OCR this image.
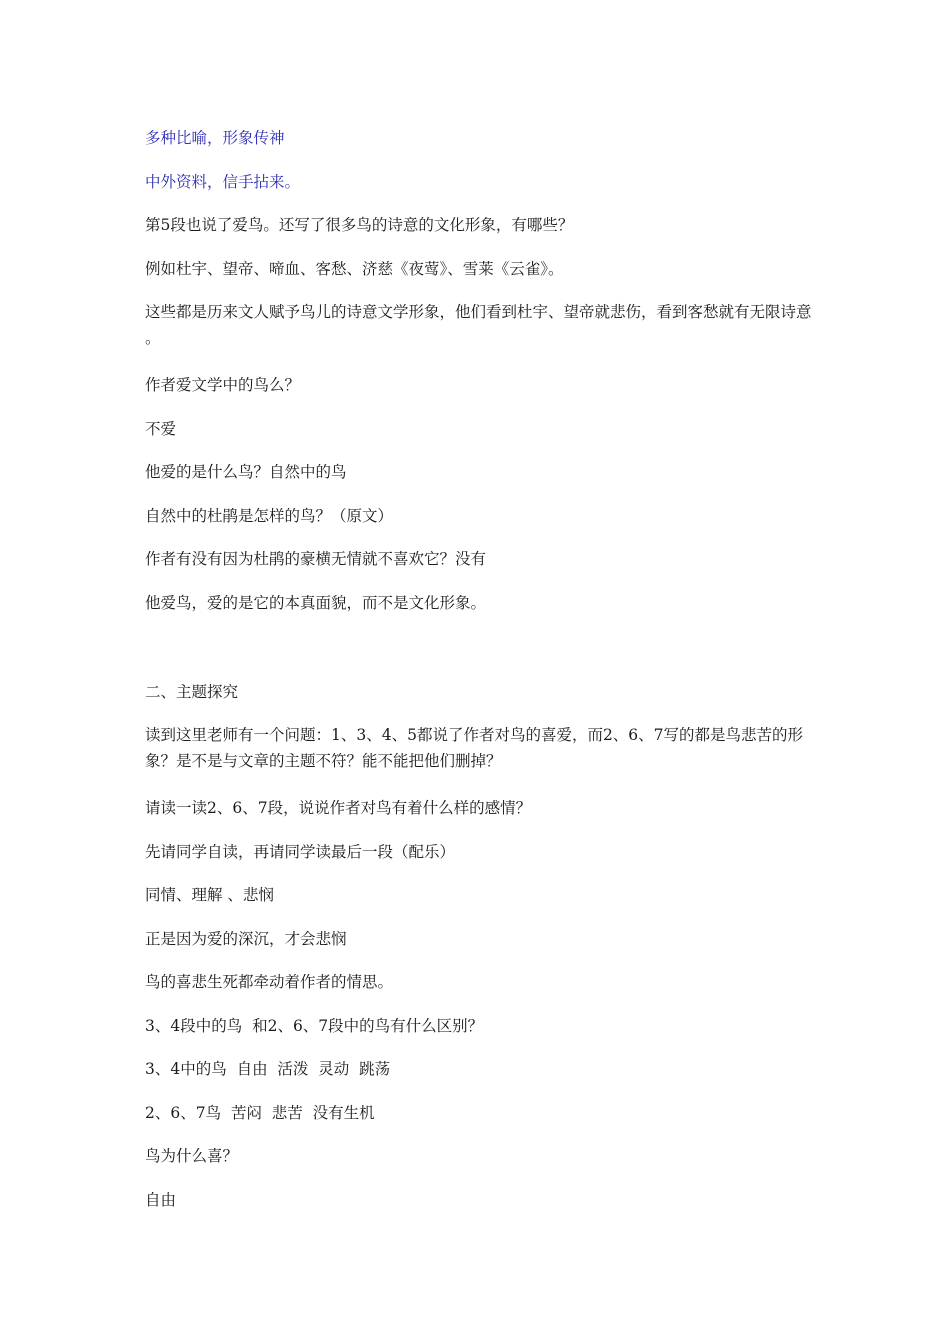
多种比喻，形象传神
中外资料，信手拈来。
第5段也说了爱鸟。还写了很多鸟的诗意的文化形象，有哪些？
例如杜宇、望帝、啼血、客愁、济慈《夜莺》、雪莱《云雀》。
这些都是历来文人赋予鸟儿的诗意文学形象，他们看到杜宇、望帝就悲伤，看到客愁就有无限诗意 。
作者爱文学中的鸟么？
不爱
他爱的是什么鸟？自然中的鸟
自然中的杜鹃是怎样的鸟？（原文）
作者有没有因为杜鹃的豪横无情就不喜欢它？没有
他爱鸟，爱的是它的本真面貌，而不是文化形象。
二、主题探究
读到这里老师有一个问题：1、3、4、5都说了作者对鸟的喜爱，而2、6、7写的都是鸟悲苦的形象？是不是与文章的主题不符？能不能把他们删掉？
请读一读2、6、7段，说说作者对鸟有着什么样的感情？
先请同学自读，再请同学读最后一段（配乐）
同情、理解 、悲悯
正是因为爱的深沉，才会悲悯
鸟的喜悲生死都牵动着作者的情思。
3、4段中的鸟  和2、6、7段中的鸟有什么区别？
3、4中的鸟  自由  活泼  灵动  跳荡
2、6、7鸟  苦闷  悲苦  没有生机
鸟为什么喜？
自由
